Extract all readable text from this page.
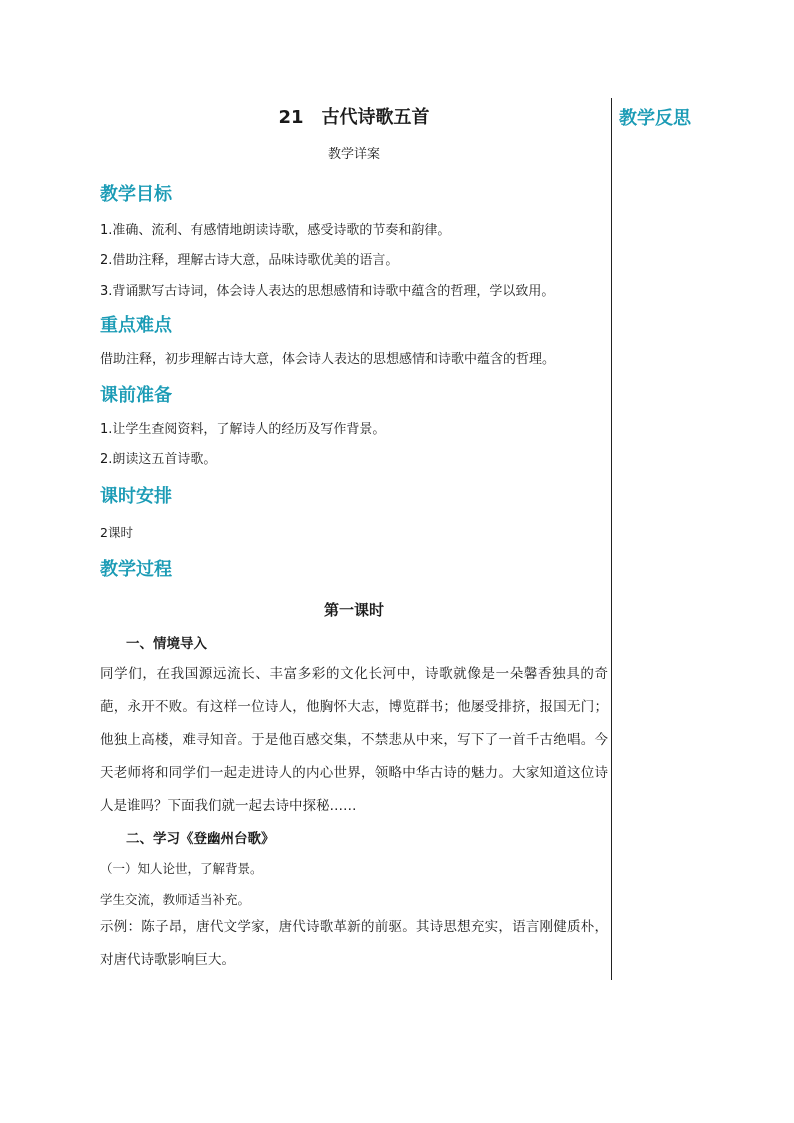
教学反思
21 古代诗歌五首
教学详案
教学目标
1.准确、流利、有感情地朗读诗歌，感受诗歌的节奏和韵律。
2.借助注释，理解古诗大意，品味诗歌优美的语言。
3.背诵默写古诗词，体会诗人表达的思想感情和诗歌中蕴含的哲理，学以致用。
重点难点
借助注释，初步理解古诗大意，体会诗人表达的思想感情和诗歌中蕴含的哲理。
课前准备
1.让学生查阅资料，了解诗人的经历及写作背景。
2.朗读这五首诗歌。
课时安排
2课时
教学过程
第一课时
一、情境导入
同学们，在我国源远流长、丰富多彩的文化长河中，诗歌就像是一朵馨香独具的奇葩，永开不败。有这样一位诗人，他胸怀大志，博览群书；他屡受排挤，报国无门；他独上高楼，难寻知音。于是他百感交集，不禁悲从中来，写下了一首千古绝唱。今天老师将和同学们一起走进诗人的内心世界，领略中华古诗的魅力。大家知道这位诗人是谁吗？下面我们就一起去诗中探秘……
二、学习《登幽州台歌》
（一）知人论世，了解背景。
学生交流，教师适当补充。
示例：陈子昂，唐代文学家，唐代诗歌革新的前驱。其诗思想充实，语言刚健质朴，对唐代诗歌影响巨大。
